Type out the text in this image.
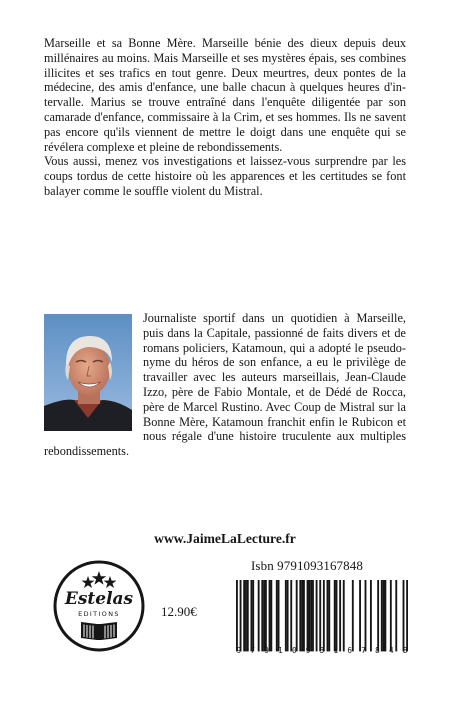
Marseille et sa Bonne Mère. Marseille bénie des dieux depuis deux millénaires au moins. Mais Marseille et ses mystères épais, ses combines illicites et ses trafics en tout genre. Deux meurtres, deux pontes de la médecine, des amis d'enfance, une balle chacun à quelques heures d'intervalle. Marius se trouve entraîné dans l'enquête diligentée par son camarade d'enfance, commissaire à la Crim, et ses hommes. Ils ne savent pas encore qu'ils viennent de mettre le doigt dans une enquête qui se révélera complexe et pleine de rebondissements.

Vous aussi, menez vos investigations et laissez-vous surprendre par les coups tordus de cette histoire où les apparences et les certitudes se font balayer comme le souffle violent du Mistral.

Journaliste sportif dans un quotidien à Marseille, puis dans la Capitale, passionné de faits divers et de romans policiers, Katamoun, qui a adopté le pseudonyme du héros de son enfance, a eu le privilège de travailler avec les auteurs marseillais, Jean-Claude Izzo, père de Fabio Montale, et de Dédé de Rocca, père de Marcel Rustino. Avec Coup de Mistral sur la Bonne Mère, Katamoun franchit enfin le Rubicon et nous régale d'une histoire truculente aux multiples rebondissements.

www.JaimeLaLecture.fr
Estelas
EDITIONS	12.90€
Isbn 9791093167848
9 7 9 1 0 9 3 1 6 7 8 4 8
